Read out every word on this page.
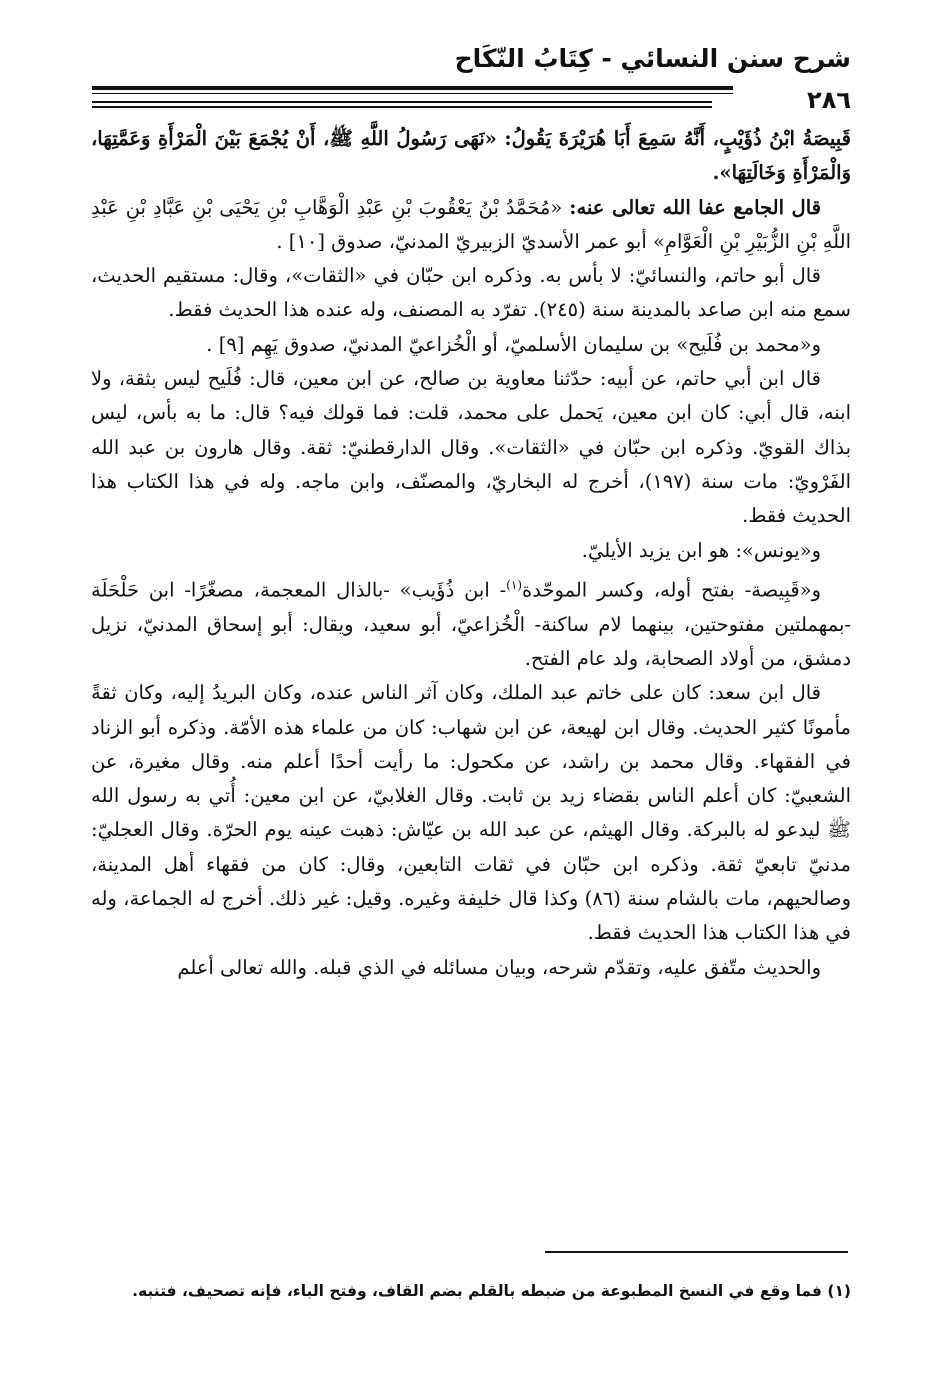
شرح سنن النسائي - كِتَابُ النّكَاح
٢٨٦

قَبِيصَةُ ابْنُ ذُؤَيْبٍ، أَنَّهُ سَمِعَ أَبَا هُرَيْرَةَ يَقُولُ: «نَهَى رَسُولُ اللَّهِ ﷺ، أَنْ يُجْمَعَ بَيْنَ الْمَرْأَةِ وَعَمَّتِهَا، وَالْمَرْأَةِ وَخَالَتِهَا».

قال الجامع عفا الله تعالى عنه: «مُحَمَّدُ بْنُ يَعْقُوبَ بْنِ عَبْدِ الْوَهَّابِ بْنِ يَحْيَى بْنِ عَبَّادِ بْنِ عَبْدِ اللَّهِ بْنِ الزُّبَيْرِ بْنِ الْعَوَّامِ» أبو عمر الأسديّ الزبيريّ المدنيّ، صدوق [١٠] .

قال أبو حاتم، والنسائيّ: لا بأس به. وذكره ابن حبّان في «الثقات»، وقال: مستقيم الحديث، سمع منه ابن صاعد بالمدينة سنة (٢٤٥). تفرّد به المصنف، وله عنده هذا الحديث فقط.

و«محمد بن فُلَيح» بن سليمان الأسلميّ، أو الْخُزاعيّ المدنيّ، صدوق يَهِم [٩] .

قال ابن أبي حاتم، عن أبيه: حدّثنا معاوية بن صالح، عن ابن معين، قال: فُلَيح ليس بثقة، ولا ابنه، قال أبي: كان ابن معين، يَحمل على محمد، قلت: فما قولك فيه؟ قال: ما به بأس، ليس بذاك القويّ. وذكره ابن حبّان في «الثقات». وقال الدارقطنيّ: ثقة. وقال هارون بن عبد الله الفَرْويّ: مات سنة (١٩٧)، أخرج له البخاريّ، والمصنّف، وابن ماجه. وله في هذا الكتاب هذا الحديث فقط.

و«يونس»: هو ابن يزيد الأيليّ.

و«قَبِيصة- بفتح أوله، وكسر الموحّدة$^{(١)}$- ابن ذُؤَيب» -بالذال المعجمة، مصغّرًا- ابن حَلْحَلَة -بمهملتين مفتوحتين، بينهما لام ساكنة- الْخُزاعيّ، أبو سعيد، ويقال: أبو إسحاق المدنيّ، نزيل دمشق، من أولاد الصحابة، ولد عام الفتح.

قال ابن سعد: كان على خاتم عبد الملك، وكان آثر الناس عنده، وكان البريدُ إليه، وكان ثقةً مأمونًا كثير الحديث. وقال ابن لهيعة، عن ابن شهاب: كان من علماء هذه الأمّة. وذكره أبو الزناد في الفقهاء. وقال محمد بن راشد، عن مكحول: ما رأيت أحدًا أعلم منه. وقال مغيرة، عن الشعبيّ: كان أعلم الناس بقضاء زيد بن ثابت. وقال الغلابيّ، عن ابن معين: أُتي به رسول الله ﷺ ليدعو له بالبركة. وقال الهيثم، عن عبد الله بن عيّاش: ذهبت عينه يوم الحرّة. وقال العجليّ: مدنيّ تابعيّ ثقة. وذكره ابن حبّان في ثقات التابعين، وقال: كان من فقهاء أهل المدينة، وصالحيهم، مات بالشام سنة (٨٦) وكذا قال خليفة وغيره. وقيل: غير ذلك. أخرج له الجماعة، وله في هذا الكتاب هذا الحديث فقط.

والحديث متّفق عليه، وتقدّم شرحه، وبيان مسائله في الذي قبله. والله تعالى أعلم

(١) فما وقع في النسخ المطبوعة من ضبطه بالقلم بضم القاف، وفتح الباء، فإنه تصحيف، فتنبه.
